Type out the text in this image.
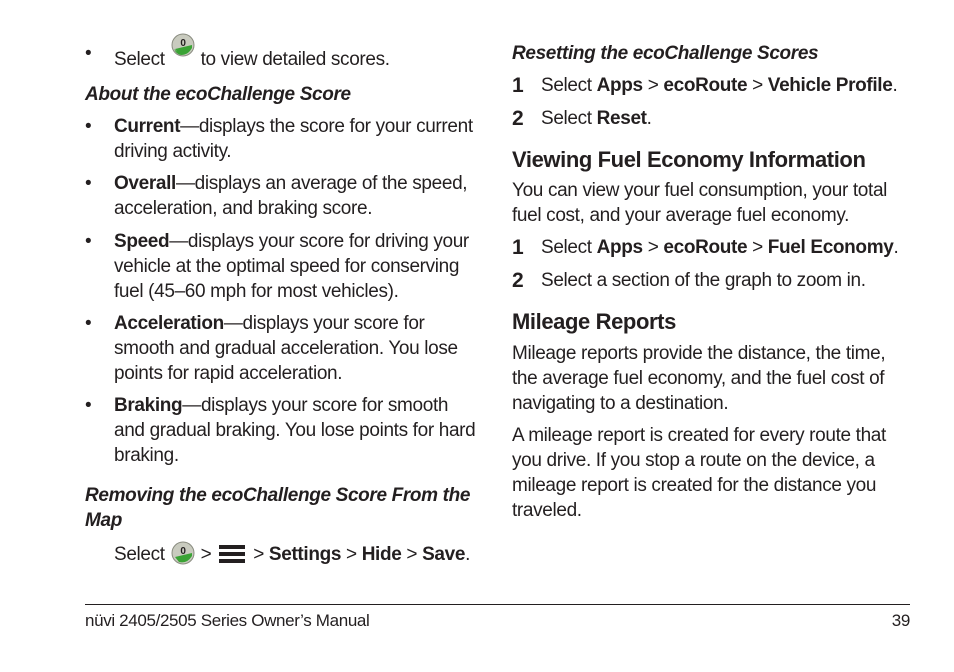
•	Select
0
to view detailed scores.
About the ecoChallenge Score
•	Current—displays the score for your current
driving activity.
•	Overall—displays an average of the speed,
acceleration, and braking score.
•	Speed—displays your score for driving your
vehicle at the optimal speed for conserving
fuel (45–60 mph for most vehicles).
•	Acceleration—displays your score for
smooth and gradual acceleration. You lose
points for rapid acceleration.
•	Braking—displays your score for smooth
and gradual braking. You lose points for hard
braking.
Removing the ecoChallenge Score From the
Map
Select 0 > > Settings > Hide > Save.
Resetting the ecoChallenge Scores
1 Select Apps > ecoRoute > Vehicle Profile.
2 Select Reset.
Viewing Fuel Economy Information
You can view your fuel consumption, your total
fuel cost, and your average fuel economy.
1 Select Apps > ecoRoute > Fuel Economy.
2 Select a section of the graph to zoom in.
Mileage Reports
Mileage reports provide the distance, the time,
the average fuel economy, and the fuel cost of
navigating to a destination.
A mileage report is created for every route that
you drive. If you stop a route on the device, a
mileage report is created for the distance you
traveled.
nüvi 2405/2505 Series Owner’s Manual	39
